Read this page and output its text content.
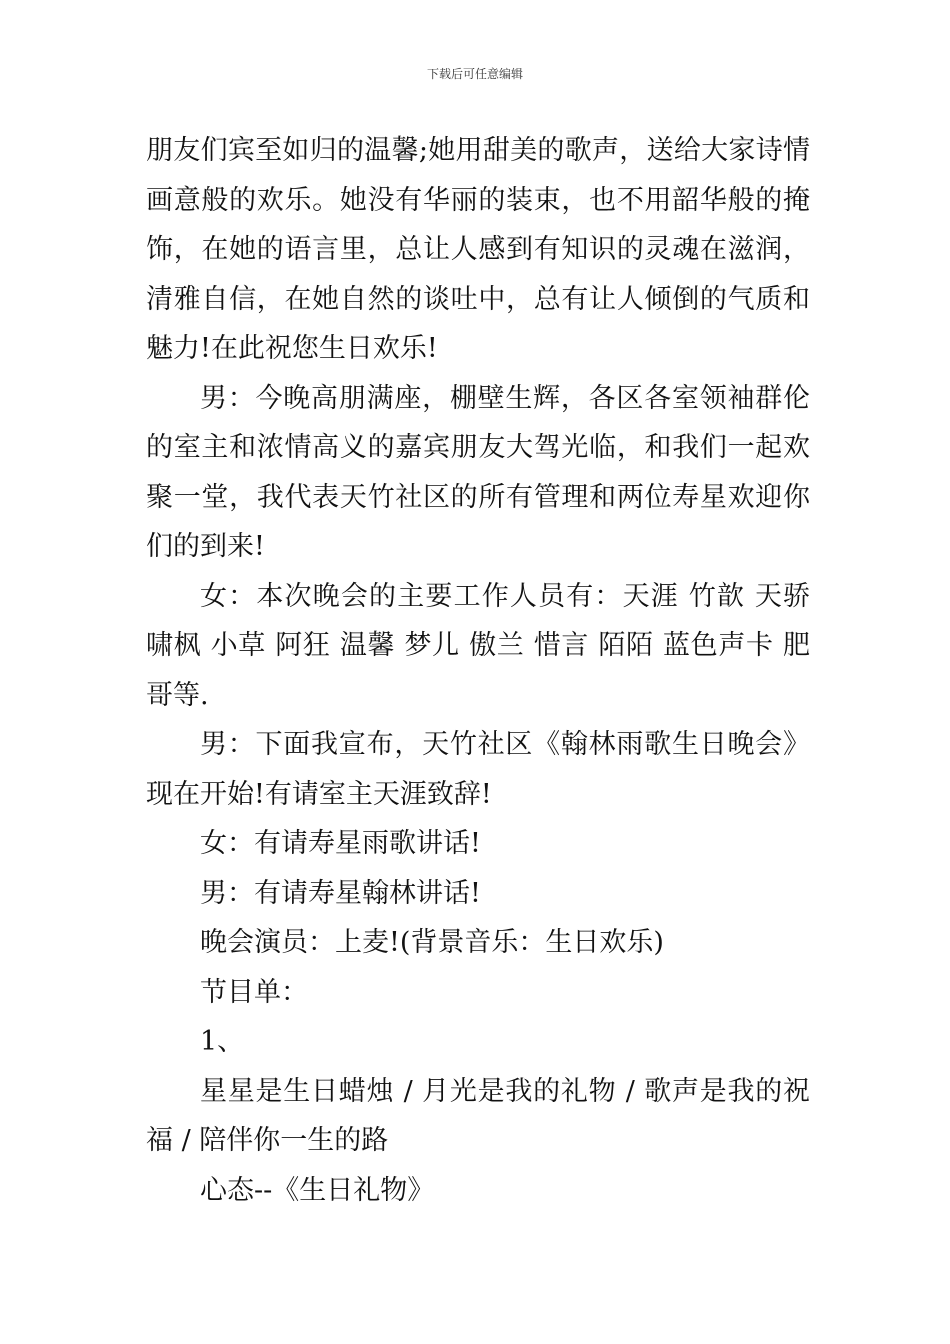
下载后可任意编辑

朋友们宾至如归的温馨;她用甜美的歌声，送给大家诗情画意般的欢乐。她没有华丽的装束，也不用韶华般的掩饰，在她的语言里，总让人感到有知识的灵魂在滋润，清雅自信，在她自然的谈吐中，总有让人倾倒的气质和魅力!在此祝您生日欢乐!

男：今晚高朋满座，棚壁生辉，各区各室领袖群伦的室主和浓情高义的嘉宾朋友大驾光临，和我们一起欢聚一堂，我代表天竹社区的所有管理和两位寿星欢迎你们的到来!

女：本次晚会的主要工作人员有：天涯 竹歆 天骄 啸枫 小草 阿狂 温馨 梦儿 傲兰 惜言 陌陌 蓝色声卡 肥哥等.

男：下面我宣布，天竹社区《翰林雨歌生日晚会》现在开始!有请室主天涯致辞!

女：有请寿星雨歌讲话!

男：有请寿星翰林讲话!

晚会演员：上麦!(背景音乐：生日欢乐)

节目单：

1、

星星是生日蜡烛 / 月光是我的礼物 / 歌声是我的祝福 / 陪伴你一生的路

心态--《生日礼物》
